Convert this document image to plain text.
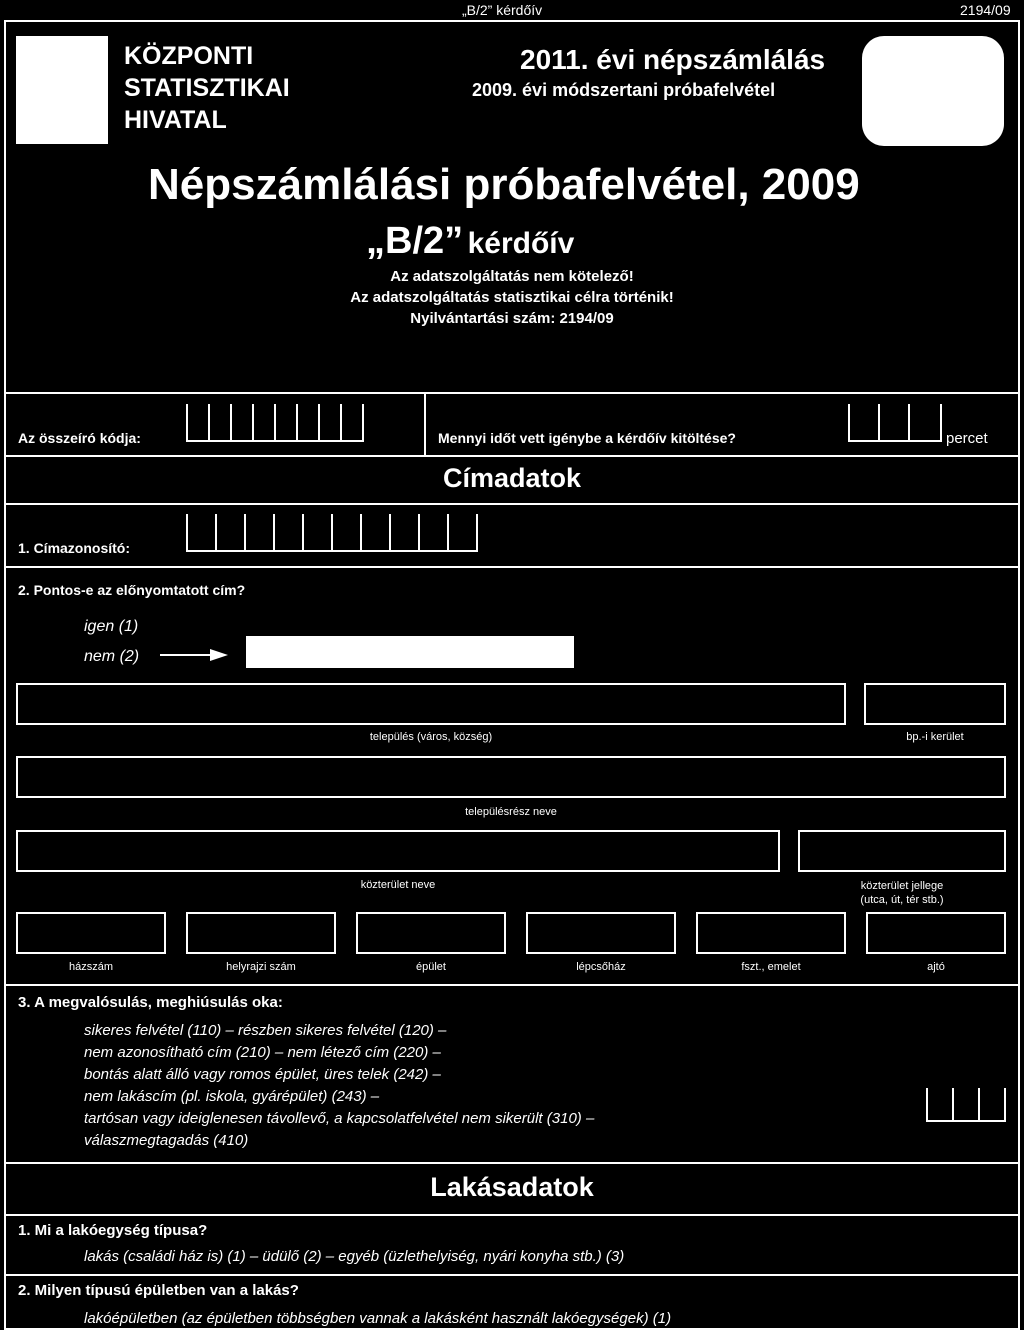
„B/2” kérdőív	2194/09
KÖZPONTI
STATISZTIKAI
HIVATAL
2011. évi népszámlálás
2009. évi módszertani próbafelvétel
Népszámlálási próbafelvétel, 2009
„B/2” kérdőív
Az adatszolgáltatás nem kötelező!
Az adatszolgáltatás statisztikai célra történik!
Nyilvántartási szám: 2194/09
Az összeíró kódja:	Mennyi időt vett igénybe a kérdőív kitöltése?	percet
Címadatok
1. Címazonosító:
2. Pontos-e az előnyomtatott cím?
igen (1)
nem (2)
település (város, község)	bp.-i kerület
településrész neve
közterület neve	közterület jellege
(utca, út, tér stb.)
házszám	helyrajzi szám	épület	lépcsőház	fszt., emelet	ajtó
3. A megvalósulás, meghiúsulás oka:
sikeres felvétel (110) – részben sikeres felvétel (120) –
nem azonosítható cím (210) – nem létező cím (220) –
bontás alatt álló vagy romos épület, üres telek (242) –
nem lakáscím (pl. iskola, gyárépület) (243) –
tartósan vagy ideiglenesen távollevő, a kapcsolatfelvétel nem sikerült (310) –
válaszmegtagadás (410)
Lakásadatok
1. Mi a lakóegység típusa?
lakás (családi ház is) (1) – üdülő (2) – egyéb (üzlethelyiség, nyári konyha stb.) (3)
2. Milyen típusú épületben van a lakás?
lakóépületben (az épületben többségben vannak a lakásként használt lakóegységek) (1)
